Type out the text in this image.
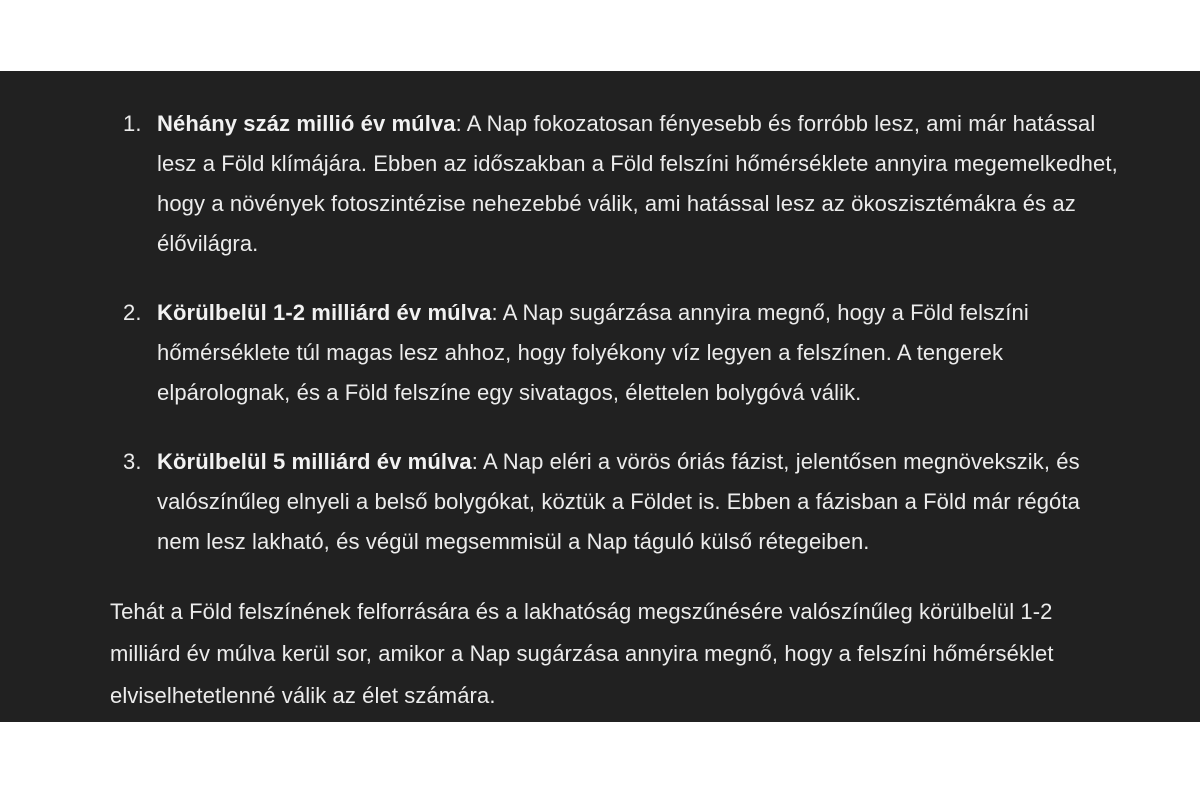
1. Néhány száz millió év múlva: A Nap fokozatosan fényesebb és forróbb lesz, ami már hatással lesz a Föld klímájára. Ebben az időszakban a Föld felszíni hőmérséklete annyira megemelkedhet, hogy a növények fotoszintézise nehezebbé válik, ami hatással lesz az ökoszisztémákra és az élővilágra.
2. Körülbelül 1-2 milliárd év múlva: A Nap sugárzása annyira megnő, hogy a Föld felszíni hőmérséklete túl magas lesz ahhoz, hogy folyékony víz legyen a felszínen. A tengerek elpárolognak, és a Föld felszíne egy sivatagos, élettelen bolygóvá válik.
3. Körülbelül 5 milliárd év múlva: A Nap eléri a vörös óriás fázist, jelentősen megnövekszik, és valószínűleg elnyeli a belső bolygókat, köztük a Földet is. Ebben a fázisban a Föld már régóta nem lesz lakható, és végül megsemmisül a Nap táguló külső rétegeiben.
Tehát a Föld felszínének felforrására és a lakhatóság megszűnésére valószínűleg körülbelül 1-2 milliárd év múlva kerül sor, amikor a Nap sugárzása annyira megnő, hogy a felszíni hőmérséklet elviselhetetlenné válik az élet számára.
